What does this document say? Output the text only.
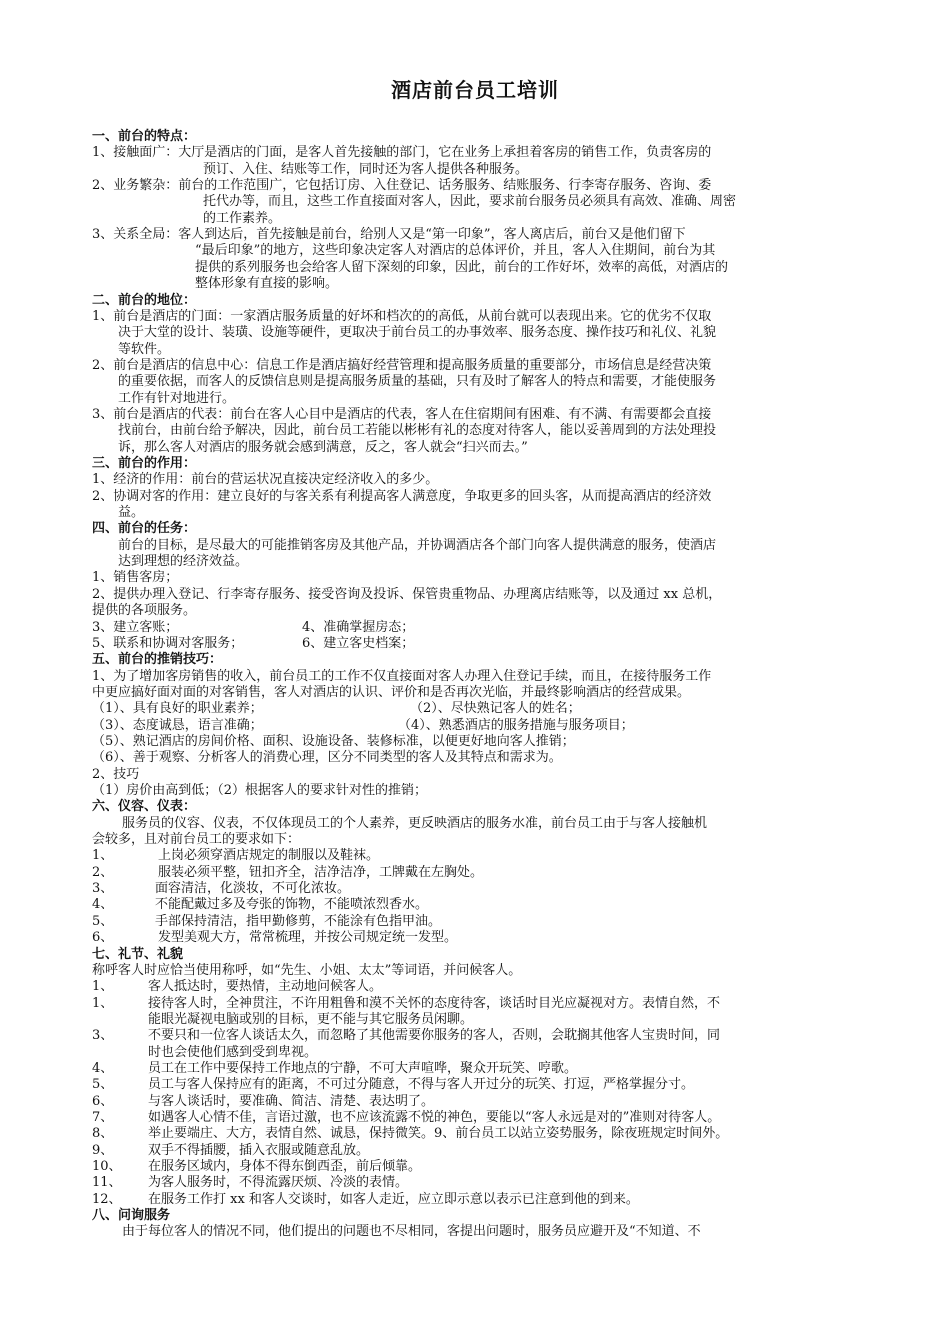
酒店前台员工培训
一、前台的特点：
1、接触面广：大厅是酒店的门面，是客人首先接触的部门，它在业务上承担着客房的销售工作，负责客房的
预订、入住、结账等工作，同时还为客人提供各种服务。
2、业务繁杂：前台的工作范围广，它包括订房、入住登记、话务服务、结账服务、行李寄存服务、咨询、委
托代办等，而且，这些工作直接面对客人，因此，要求前台服务员必须具有高效、准确、周密
的工作素养。
3、关系全局：客人到达后，首先接触是前台，给别人又是“第一印象”，客人离店后，前台又是他们留下
“最后印象”的地方，这些印象决定客人对酒店的总体评价，并且，客人入住期间，前台为其
提供的系列服务也会给客人留下深刻的印象，因此，前台的工作好坏，效率的高低，对酒店的
整体形象有直接的影响。
二、前台的地位：
1、前台是酒店的门面：一家酒店服务质量的好坏和档次的的高低，从前台就可以表现出来。它的优劣不仅取
决于大堂的设计、装璜、设施等硬件，更取决于前台员工的办事效率、服务态度、操作技巧和礼仪、礼貌
等软件。
2、前台是酒店的信息中心：信息工作是酒店搞好经营管理和提高服务质量的重要部分，市场信息是经营决策
的重要依据，而客人的反馈信息则是提高服务质量的基础，只有及时了解客人的特点和需要，才能使服务
工作有针对地进行。
3、前台是酒店的代表：前台在客人心目中是酒店的代表，客人在住宿期间有困难、有不满、有需要都会直接
找前台，由前台给予解决，因此，前台员工若能以彬彬有礼的态度对待客人，能以妥善周到的方法处理投
诉，那么客人对酒店的服务就会感到满意，反之，客人就会“扫兴而去。”
三、前台的作用：
1、经济的作用：前台的营运状况直接决定经济收入的多少。
2、协调对客的作用：建立良好的与客关系有利提高客人满意度，争取更多的回头客，从而提高酒店的经济效
益。
四、前台的任务：
前台的目标，是尽最大的可能推销客房及其他产品，并协调酒店各个部门向客人提供满意的服务，使酒店
达到理想的经济效益。
1、销售客房；
2、提供办理入登记、行李寄存服务、接受咨询及投诉、保管贵重物品、办理离店结账等，以及通过 xx 总机，
提供的各项服务。
3、建立客账；	4、准确掌握房态；
5、联系和协调对客服务；	6、建立客史档案；
五、前台的推销技巧：
1、为了增加客房销售的收入，前台员工的工作不仅直接面对客人办理入住登记手续，而且，在接待服务工作
中更应搞好面对面的对客销售，客人对酒店的认识、评价和是否再次光临，并最终影响酒店的经营成果。
（1）、具有良好的职业素养；	（2）、尽快熟记客人的姓名；
（3）、态度诚恳，语言准确；	（4）、熟悉酒店的服务措施与服务项目；
（5）、熟记酒店的房间价格、面积、设施设备、装修标准，以便更好地向客人推销；
（6）、善于观察、分析客人的消费心理，区分不同类型的客人及其特点和需求为。
2、技巧
（1）房价由高到低；（2）根据客人的要求针对性的推销；
六、仪容、仪表：
服务员的仪容、仪表，不仅体现员工的个人素养，更反映酒店的服务水准，前台员工由于与客人接触机
会较多，且对前台员工的要求如下：
1、	上岗必须穿酒店规定的制服以及鞋袜。
2、	服装必须平整，钮扣齐全，洁净洁净，工牌戴在左胸处。
3、	面容清洁，化淡妆，不可化浓妆。
4、	不能配戴过多及夸张的饰物，不能喷浓烈香水。
5、	手部保持清洁，指甲勤修剪，不能涂有色指甲油。
6、	发型美观大方，常常梳理，并按公司规定统一发型。
七、礼节、礼貌
称呼客人时应恰当使用称呼，如“先生、小姐、太太”等词语，并问候客人。
1、	客人抵达时，要热情，主动地问候客人。
1、	接待客人时，全神贯注，不许用粗鲁和漠不关怀的态度待客，谈话时目光应凝视对方。表情自然，不
能眼光凝视电脑或别的目标，更不能与其它服务员闲聊。
3、	不要只和一位客人谈话太久，而忽略了其他需要你服务的客人，否则，会耽搁其他客人宝贵时间，同
时也会使他们感到受到卑视。
4、	员工在工作中要保持工作地点的宁静，不可大声喧哗，聚众开玩笑、哼歌。
5、	员工与客人保持应有的距离，不可过分随意，不得与客人开过分的玩笑、打逗，严格掌握分寸。
6、	与客人谈话时，要准确、简洁、清楚、表达明了。
7、	如遇客人心情不佳，言语过激，也不应该流露不悦的神色，要能以“客人永远是对的”准则对待客人。
8、	举止要端庄、大方，表情自然、诚恳，保持微笑。9、前台员工以站立姿势服务，除夜班规定时间外。
9、	双手不得插腰，插入衣服或随意乱放。
10、 在服务区域内，身体不得东倒西歪，前后倾靠。
11、 为客人服务时，不得流露厌烦、冷淡的表情。
12、 在服务工作打 xx 和客人交谈时，如客人走近，应立即示意以表示已注意到他的到来。
八、问询服务
由于每位客人的情况不同，他们提出的问题也不尽相同，客提出问题时，服务员应避开及“不知道、不
